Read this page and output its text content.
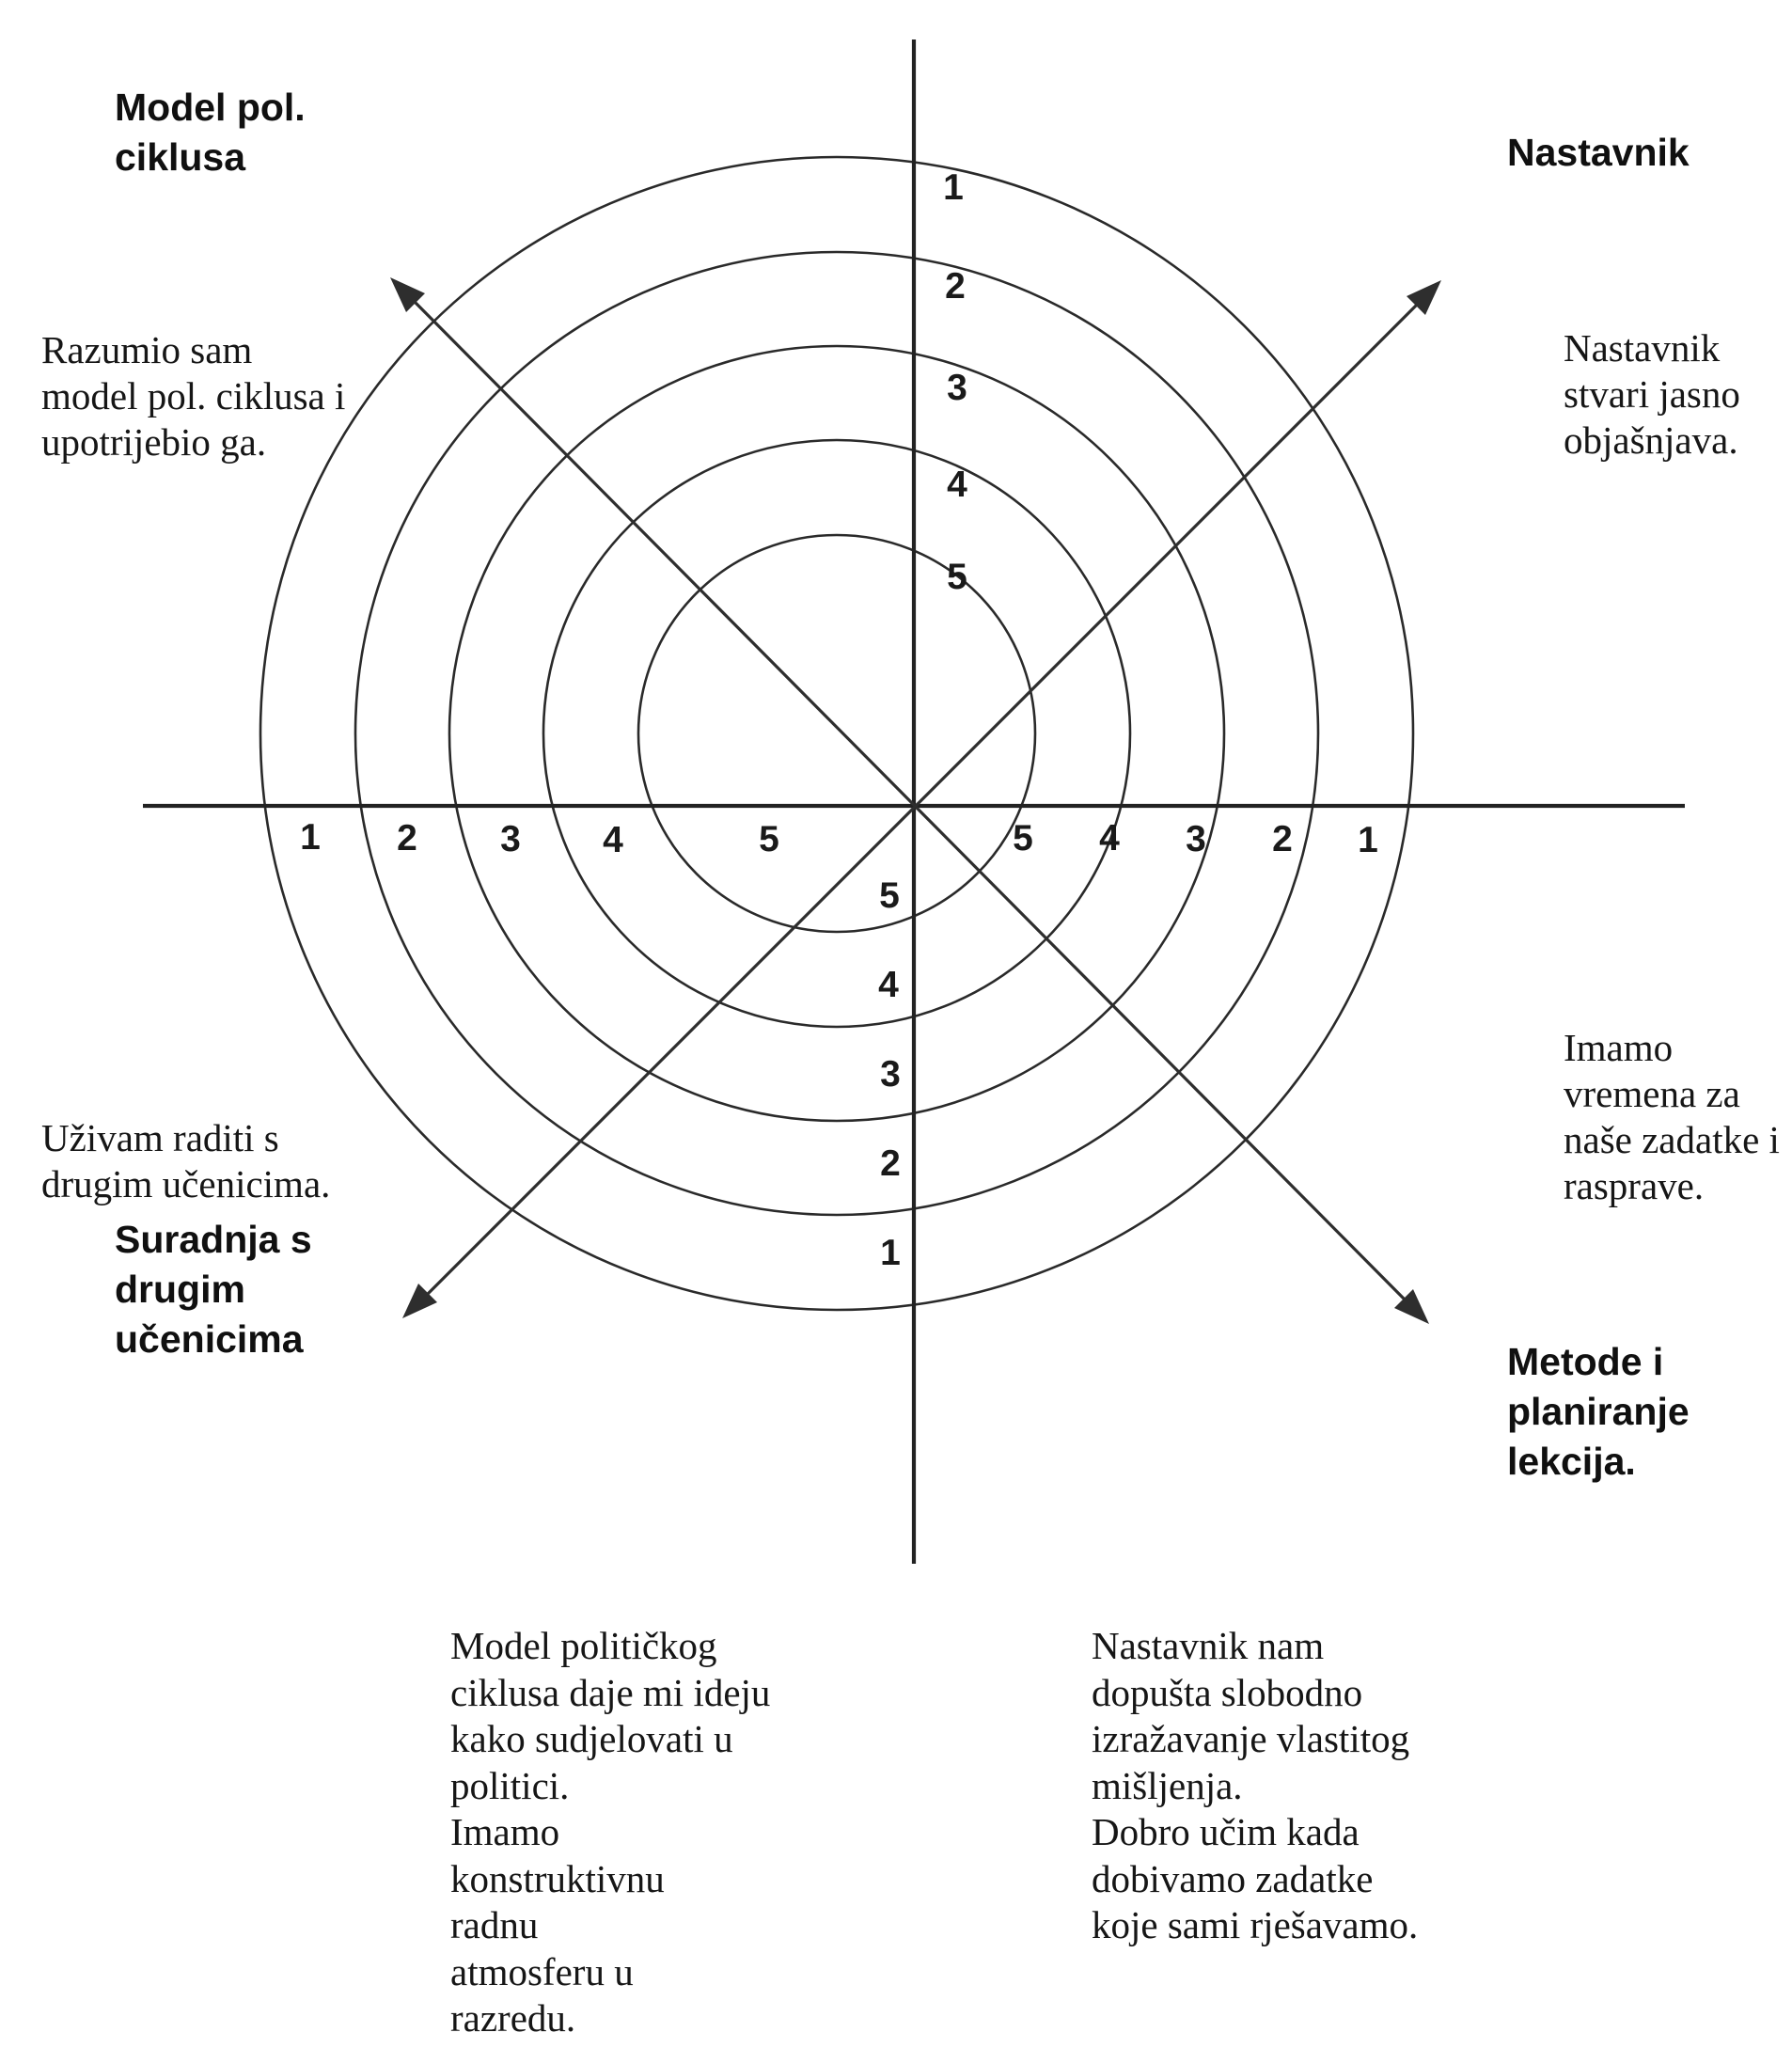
1
2
3
4
5
1 2 3 4	5	5 4 3 2 1
5
4
3
2
1
Model pol.
ciklusa	Nastavnik
Suradnja s
drugim
učenicima
Metode i
planiranje
lekcija.
Razumio sam
model pol. ciklusa i
upotrijebio ga.
Nastavnik
stvari jasno
objašnjava.
Imamo
vremena za
naše zadatke i
rasprave.
Uživam raditi s
drugim učenicima.
Model političkog
ciklusa daje mi ideju
kako sudjelovati u
politici.
Imamo
konstruktivnu
radnu
atmosferu u
razredu.
Nastavnik nam
dopušta slobodno
izražavanje vlastitog
mišljenja.
Dobro učim kada
dobivamo zadatke
koje sami rješavamo.
